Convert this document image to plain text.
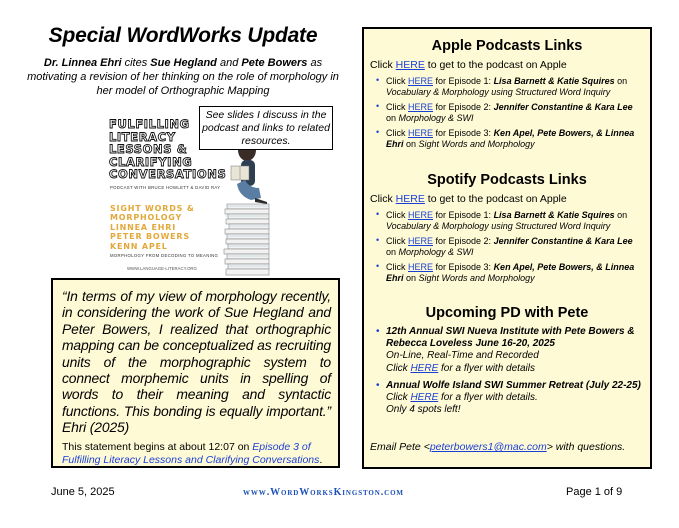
Special WordWorks Update
Dr. Linnea Ehri cites Sue Hegland and Pete Bowers as motivating a revision of her thinking on the role of morphology in her model of Orthographic Mapping
FULFILLING
LITERACY
LESSONS &
CLARIFYING
CONVERSATIONS
PODCAST WITH BRUCE HOWLETT & DAVID RAY
SIGHT WORDS &
MORPHOLOGY
LINNEA EHRI
PETER BOWERS
KENN APEL
MORPHOLOGY FROM DECODING TO MEANING
WWW.LANGUAGE-LITERACY.ORG
See slides I discuss in the podcast and links to related resources.
“In terms of my view of morphology recently, in considering the work of Sue Hegland and Peter Bowers, I realized that orthographic mapping can be conceptualized as recruiting units of the morphographic system to connect morphemic units in spelling of words to their meaning and syntactic functions. This bonding is equally important.” Ehri (2025)
This statement begins at about 12:07 on Episode 3 of Fulfilling Literacy Lessons and Clarifying Conversations.
Apple Podcasts Links
Click HERE to get to the podcast on Apple
• Click HERE for Episode 1: Lisa Barnett & Katie Squires on Vocabulary & Morphology using Structured Word Inquiry
• Click HERE for Episode 2: Jennifer Constantine & Kara Lee on Morphology & SWI
• Click HERE for Episode 3: Ken Apel, Pete Bowers, & Linnea Ehri on Sight Words and Morphology
Spotify Podcasts Links
Click HERE to get to the podcast on Apple
• Click HERE for Episode 1: Lisa Barnett & Katie Squires on Vocabulary & Morphology using Structured Word Inquiry
• Click HERE for Episode 2: Jennifer Constantine & Kara Lee on Morphology & SWI
• Click HERE for Episode 3: Ken Apel, Pete Bowers, & Linnea Ehri on Sight Words and Morphology
Upcoming PD with Pete
• 12th Annual SWI Nueva Institute with Pete Bowers & Rebecca Loveless June 16-20, 2025
On-Line, Real-Time and Recorded
Click HERE for a flyer with details
• Annual Wolfe Island SWI Summer Retreat (July 22-25)
Click HERE for a flyer with details.
Only 4 spots left!
Email Pete <peterbowers1@mac.com> with questions.
June 5, 2025	www.WordWorksKingston.com	Page 1 of 9
